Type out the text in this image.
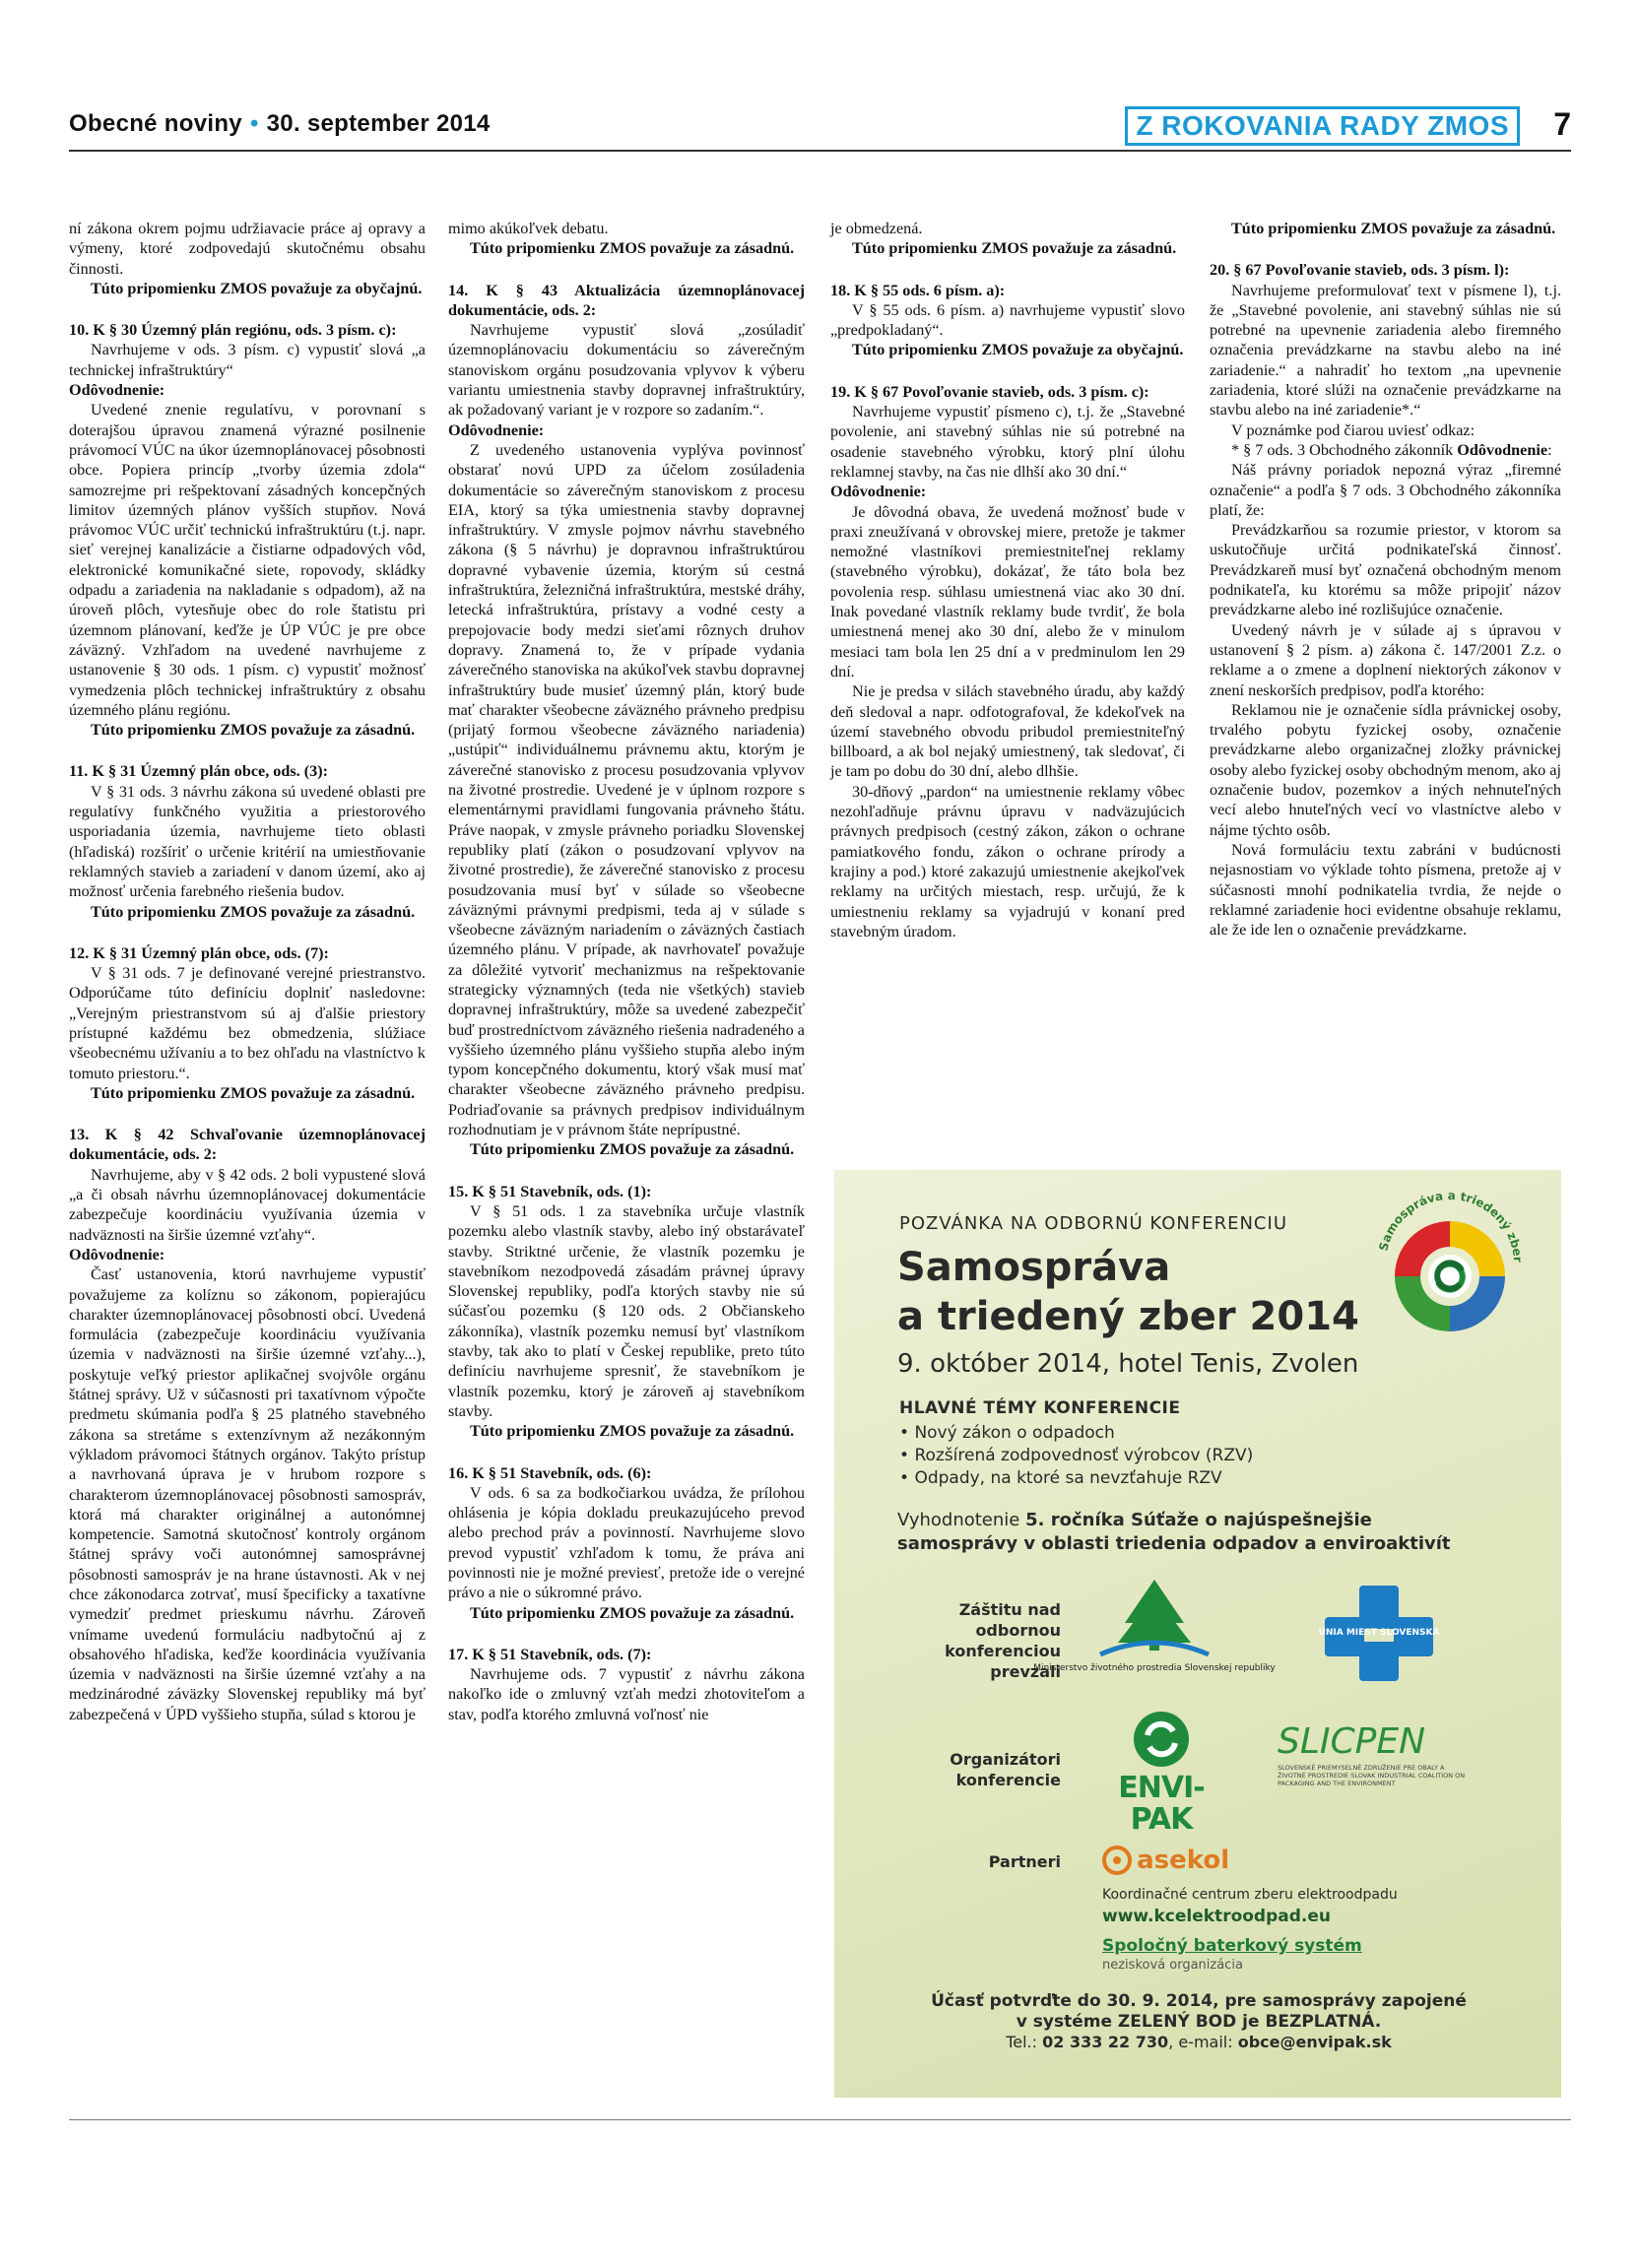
Obecné noviny • 30. september 2014	Z ROKOVANIA RADY ZMOS	7

ní zákona okrem pojmu udržiavacie práce aj opravy a výmeny, ktoré zodpovedajú skutočnému obsahu činnosti.

Túto pripomienku ZMOS považuje za obyčajnú.

10. K § 30 Územný plán regiónu, ods. 3 písm. c):

Navrhujeme v ods. 3 písm. c) vypustiť slová „a technickej infraštruktúry“

Odôvodnenie:

Uvedené znenie regulatívu, v porovnaní s doterajšou úpravou znamená výrazné posilnenie právomocí VÚC na úkor územnoplánovacej pôsobnosti obce. Popiera princíp „tvorby územia zdola“ samozrejme pri rešpektovaní zásadných koncepčných limitov územných plánov vyšších stupňov. Nová právomoc VÚC určiť technickú infraštruktúru (t.j. napr. sieť verejnej kanalizácie a čistiarne odpadových vôd, elektronické komunikačné siete, ropovody, skládky odpadu a zariadenia na nakladanie s odpadom), až na úroveň plôch, vytesňuje obec do role štatistu pri územnom plánovaní, keďže je ÚP VÚC je pre obce záväzný. Vzhľadom na uvedené navrhujeme z ustanovenie § 30 ods. 1 písm. c) vypustiť možnosť vymedzenia plôch technickej infraštruktúry z obsahu územného plánu regiónu.

Túto pripomienku ZMOS považuje za zásadnú.

11. K § 31 Územný plán obce, ods. (3):

V § 31 ods. 3 návrhu zákona sú uvedené oblasti pre regulatívy funkčného využitia a priestorového usporiadania územia, navrhujeme tieto oblasti (hľadiská) rozšíriť o určenie kritérií na umiestňovanie reklamných stavieb a zariadení v danom území, ako aj možnosť určenia farebného riešenia budov.

Túto pripomienku ZMOS považuje za zásadnú.

12. K § 31 Územný plán obce, ods. (7):

V § 31 ods. 7 je definované verejné priestranstvo. Odporúčame túto definíciu doplniť nasledovne: „Verejným priestranstvom sú aj ďalšie priestory prístupné každému bez obmedzenia, slúžiace všeobecnému užívaniu a to bez ohľadu na vlastníctvo k tomuto priestoru.“.

Túto pripomienku ZMOS považuje za zásadnú.

13. K § 42 Schvaľovanie územnoplánovacej dokumentácie, ods. 2:

Navrhujeme, aby v § 42 ods. 2 boli vypustené slová „a či obsah návrhu územnoplánovacej dokumentácie zabezpečuje koordináciu využívania územia v nadväznosti na širšie územné vzťahy“.

Odôvodnenie:

Časť ustanovenia, ktorú navrhujeme vypustiť považujeme za kolíznu so zákonom, popierajúcu charakter územnoplánovacej pôsobnosti obcí. Uvedená formulácia (zabezpečuje koordináciu využívania územia v nadväznosti na širšie územné vzťahy...), poskytuje veľký priestor aplikačnej svojvôle orgánu štátnej správy. Už v súčasnosti pri taxatívnom výpočte predmetu skúmania podľa § 25 platného stavebného zákona sa stretáme s extenzívnym až nezákonným výkladom právomoci štátnych orgánov. Takýto prístup a navrhovaná úprava je v hrubom rozpore s charakterom územnoplánovacej pôsobnosti samospráv, ktorá má charakter originálnej a autonómnej kompetencie. Samotná skutočnosť kontroly orgánom štátnej správy voči autonómnej samosprávnej pôsobnosti samospráv je na hrane ústavnosti. Ak v nej chce zákonodarca zotrvať, musí špecificky a taxatívne vymedziť predmet prieskumu návrhu. Zároveň vnímame uvedenú formuláciu nadbytočnú aj z obsahového hľadiska, keďže koordinácia využívania územia v nadväznosti na širšie územné vzťahy a na medzinárodné záväzky Slovenskej republiky má byť zabezpečená v ÚPD vyššieho stupňa, súlad s ktorou je

mimo akúkoľvek debatu.

Túto pripomienku ZMOS považuje za zásadnú.

14. K § 43 Aktualizácia územnoplánovacej dokumentácie, ods. 2:

Navrhujeme vypustiť slová „zosúladiť územnoplánovaciu dokumentáciu so záverečným stanoviskom orgánu posudzovania vplyvov k výberu variantu umiestnenia stavby dopravnej infraštruktúry, ak požadovaný variant je v rozpore so zadaním.“.

Odôvodnenie:

Z uvedeného ustanovenia vyplýva povinnosť obstarať novú UPD za účelom zosúladenia dokumentácie so záverečným stanoviskom z procesu EIA, ktorý sa týka umiestnenia stavby dopravnej infraštruktúry. V zmysle pojmov návrhu stavebného zákona (§ 5 návrhu) je dopravnou infraštruktúrou dopravné vybavenie územia, ktorým sú cestná infraštruktúra, železničná infraštruktúra, mestské dráhy, letecká infraštruktúra, prístavy a vodné cesty a prepojovacie body medzi sieťami rôznych druhov dopravy. Znamená to, že v prípade vydania záverečného stanoviska na akúkoľvek stavbu dopravnej infraštruktúry bude musieť územný plán, ktorý bude mať charakter všeobecne záväzného právneho predpisu (prijatý formou všeobecne záväzného nariadenia) „ustúpiť“ individuálnemu právnemu aktu, ktorým je záverečné stanovisko z procesu posudzovania vplyvov na životné prostredie. Uvedené je v úplnom rozpore s elementárnymi pravidlami fungovania právneho štátu. Práve naopak, v zmysle právneho poriadku Slovenskej republiky platí (zákon o posudzovaní vplyvov na životné prostredie), že záverečné stanovisko z procesu posudzovania musí byť v súlade so všeobecne záväznými právnymi predpismi, teda aj v súlade s všeobecne záväzným nariadením o záväzných častiach územného plánu. V prípade, ak navrhovateľ považuje za dôležité vytvoriť mechanizmus na rešpektovanie strategicky významných (teda nie všetkých) stavieb dopravnej infraštruktúry, môže sa uvedené zabezpečiť buď prostredníctvom záväzného riešenia nadradeného a vyššieho územného plánu vyššieho stupňa alebo iným typom koncepčného dokumentu, ktorý však musí mať charakter všeobecne záväzného právneho predpisu. Podriaďovanie sa právnych predpisov individuálnym rozhodnutiam je v právnom štáte neprípustné.

Túto pripomienku ZMOS považuje za zásadnú.

15. K § 51 Stavebník, ods. (1):

V § 51 ods. 1 za stavebníka určuje vlastník pozemku alebo vlastník stavby, alebo iný obstarávateľ stavby. Striktné určenie, že vlastník pozemku je stavebníkom nezodpovedá zásadám právnej úpravy Slovenskej republiky, podľa ktorých stavby nie sú súčasťou pozemku (§ 120 ods. 2 Občianskeho zákonníka), vlastník pozemku nemusí byť vlastníkom stavby, tak ako to platí v Českej republike, preto túto definíciu navrhujeme spresniť, že stavebníkom je vlastník pozemku, ktorý je zároveň aj stavebníkom stavby.

Túto pripomienku ZMOS považuje za zásadnú.

16. K § 51 Stavebník, ods. (6):

V ods. 6 sa za bodkočiarkou uvádza, že prílohou ohlásenia je kópia dokladu preukazujúceho prevod alebo prechod práv a povinností. Navrhujeme slovo prevod vypustiť vzhľadom k tomu, že práva ani povinnosti nie je možné previesť, pretože ide o verejné právo a nie o súkromné právo.

Túto pripomienku ZMOS považuje za zásadnú.

17. K § 51 Stavebník, ods. (7):

Navrhujeme ods. 7 vypustiť z návrhu zákona nakoľko ide o zmluvný vzťah medzi zhotoviteľom a stav, podľa ktorého zmluvná voľnosť nie

je obmedzená.

Túto pripomienku ZMOS považuje za zásadnú.

18. K § 55 ods. 6 písm. a):

V § 55 ods. 6 písm. a) navrhujeme vypustiť slovo „predpokladaný“.

Túto pripomienku ZMOS považuje za obyčajnú.

19. K § 67 Povoľovanie stavieb, ods. 3 písm. c):

Navrhujeme vypustiť písmeno c), t.j. že „Stavebné povolenie, ani stavebný súhlas nie sú potrebné na osadenie stavebného výrobku, ktorý plní úlohu reklamnej stavby, na čas nie dlhší ako 30 dní.“

Odôvodnenie:

Je dôvodná obava, že uvedená možnosť bude v praxi zneužívaná v obrovskej miere, pretože je takmer nemožné vlastníkovi premiestniteľnej reklamy (stavebného výrobku), dokázať, že táto bola bez povolenia resp. súhlasu umiestnená viac ako 30 dní. Inak povedané vlastník reklamy bude tvrdiť, že bola umiestnená menej ako 30 dní, alebo že v minulom mesiaci tam bola len 25 dní a v predminulom len 29 dní.

Nie je predsa v silách stavebného úradu, aby každý deň sledoval a napr. odfotografoval, že kdekoľvek na území stavebného obvodu pribudol premiestniteľný billboard, a ak bol nejaký umiestnený, tak sledovať, či je tam po dobu do 30 dní, alebo dlhšie.

30-dňový „pardon“ na umiestnenie reklamy vôbec nezohľadňuje právnu úpravu v nadväzujúcich právnych predpisoch (cestný zákon, zákon o ochrane pamiatkového fondu, zákon o ochrane prírody a krajiny a pod.) ktoré zakazujú umiestnenie akejkoľvek reklamy na určitých miestach, resp. určujú, že k umiestneniu reklamy sa vyjadrujú v konaní pred stavebným úradom.

Túto pripomienku ZMOS považuje za zásadnú.

20. § 67 Povoľovanie stavieb, ods. 3 písm. l):

Navrhujeme preformulovať text v písmene l), t.j. že „Stavebné povolenie, ani stavebný súhlas nie sú potrebné na upevnenie zariadenia alebo firemného označenia prevádzkarne na stavbu alebo na iné zariadenie.“ a nahradiť ho textom „na upevnenie zariadenia, ktoré slúži na označenie prevádzkarne na stavbu alebo na iné zariadenie*.“

V poznámke pod čiarou uviesť odkaz:

* § 7 ods. 3 Obchodného zákonník Odôvodnenie:

Náš právny poriadok nepozná výraz „firemné označenie“ a podľa § 7 ods. 3 Obchodného zákonníka platí, že:

Prevádzkarňou sa rozumie priestor, v ktorom sa uskutočňuje určitá podnikateľská činnosť. Prevádzkareň musí byť označená obchodným menom podnikateľa, ku ktorému sa môže pripojiť názov prevádzkarne alebo iné rozlišujúce označenie.

Uvedený návrh je v súlade aj s úpravou v ustanovení § 2 písm. a) zákona č. 147/2001 Z.z. o reklame a o zmene a doplnení niektorých zákonov v znení neskorších predpisov, podľa ktorého:

Reklamou nie je označenie sídla právnickej osoby, trvalého pobytu fyzickej osoby, označenie prevádzkarne alebo organizačnej zložky právnickej osoby alebo fyzickej osoby obchodným menom, ako aj označenie budov, pozemkov a iných nehnuteľných vecí alebo hnuteľných vecí vo vlastníctve alebo v nájme týchto osôb.

Nová formuláciu textu zabráni v budúcnosti nejasnostiam vo výklade tohto písmena, pretože aj v súčasnosti mnohí podnikatelia tvrdia, že nejde o reklamné zariadenie hoci evidentne obsahuje reklamu, ale že ide len o označenie prevádzkarne.

POZVÁNKA NA ODBORNÚ KONFERENCIU
Samospráva
a triedený zber 2014
9. október 2014, hotel Tenis, Zvolen
Samospráva a triedený zber
HLAVNÉ TÉMY KONFERENCIE
• Nový zákon o odpadoch
• Rozšírená zodpovednosť výrobcov (RZV)
• Odpady, na ktoré sa nevzťahuje RZV
Vyhodnotenie 5. ročníka Súťaže o najúspešnejšie
samosprávy v oblasti triedenia odpadov a enviroaktivít
Záštitu nad odbornou konferenciou prevzali
Ministerstvo životného prostredia Slovenskej republiky
ÚNIA MIEST SLOVENSKA
Organizátori konferencie	ENVI-PAK
SLICPEN
SLOVENSKÉ PRIEMYSELNÉ ZDRUŽENIE PRE OBALY A ŽIVOTNÉ PROSTREDIE SLOVAK INDUSTRIAL COALITION ON PACKAGING AND THE ENVIRONMENT
Partneri	asekol
Koordinačné centrum zberu elektroodpadu
www.kcelektroodpad.eu
Spoločný baterkový systém
nezisková organizácia
Účasť potvrďte do 30. 9. 2014, pre samosprávy zapojené
v systéme ZELENÝ BOD je BEZPLATNÁ.
Tel.: 02 333 22 730, e-mail: obce@envipak.sk
